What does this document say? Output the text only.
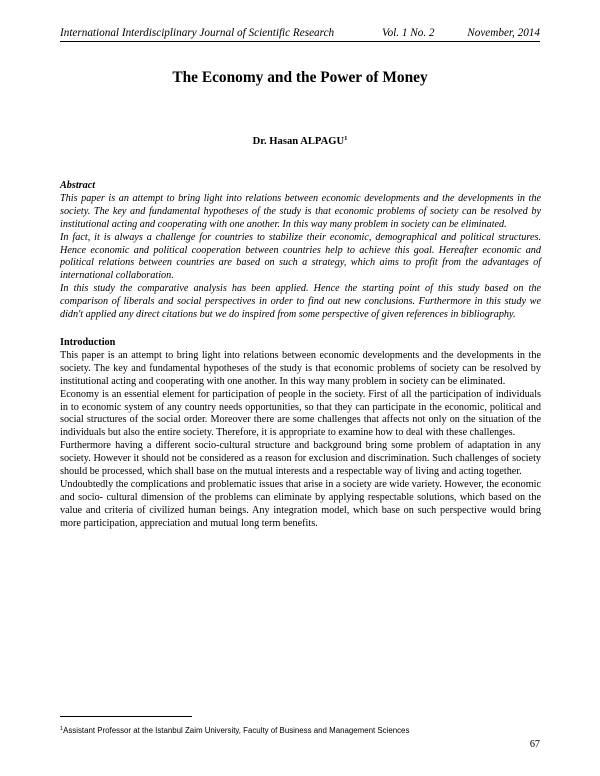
International Interdisciplinary Journal of Scientific Research	Vol. 1 No. 2	November, 2014
The Economy and the Power of Money
Dr. Hasan ALPAGU$^1$

Abstract

This paper is an attempt to bring light into relations between economic developments and the developments in the society. The key and fundamental hypotheses of the study is that economic problems of society can be resolved by institutional acting and cooperating with one another. In this way many problem in society can be eliminated.

In fact, it is always a challenge for countries to stabilize their economic, demographical and political structures. Hence economic and political cooperation between countries help to achieve this goal. Hereafter economic and political relations between countries are based on such a strategy, which aims to profit from the advantages of international collaboration.

In this study the comparative analysis has been applied. Hence the starting point of this study based on the comparison of liberals and social perspectives in order to find out new conclusions. Furthermore in this study we didn't applied any direct citations but we do inspired from some perspective of given references in bibliography.

Introduction

This paper is an attempt to bring light into relations between economic developments and the developments in the society. The key and fundamental hypotheses of the study is that economic problems of society can be resolved by institutional acting and cooperating with one another. In this way many problem in society can be eliminated.

Economy is an essential element for participation of people in the society. First of all the participation of individuals in to economic system of any country needs opportunities, so that they can participate in the economic, political and social structures of the social order. Moreover there are some challenges that affects not only on the situation of the individuals but also the entire society. Therefore, it is appropriate to examine how to deal with these challenges.

Furthermore having a different socio-cultural structure and background bring some problem of adaptation in any society. However it should not be considered as a reason for exclusion and discrimination. Such challenges of society should be processed, which shall base on the mutual interests and a respectable way of living and acting together.

Undoubtedly the complications and problematic issues that arise in a society are wide variety. However, the economic and socio- cultural dimension of the problems can eliminate by applying respectable solutions, which based on the value and criteria of civilized human beings. Any integration model, which base on such perspective would bring more participation, appreciation and mutual long term benefits.

$^1$Assistant Professor at the Istanbul Zaim University, Faculty of Business and Management Sciences
67
